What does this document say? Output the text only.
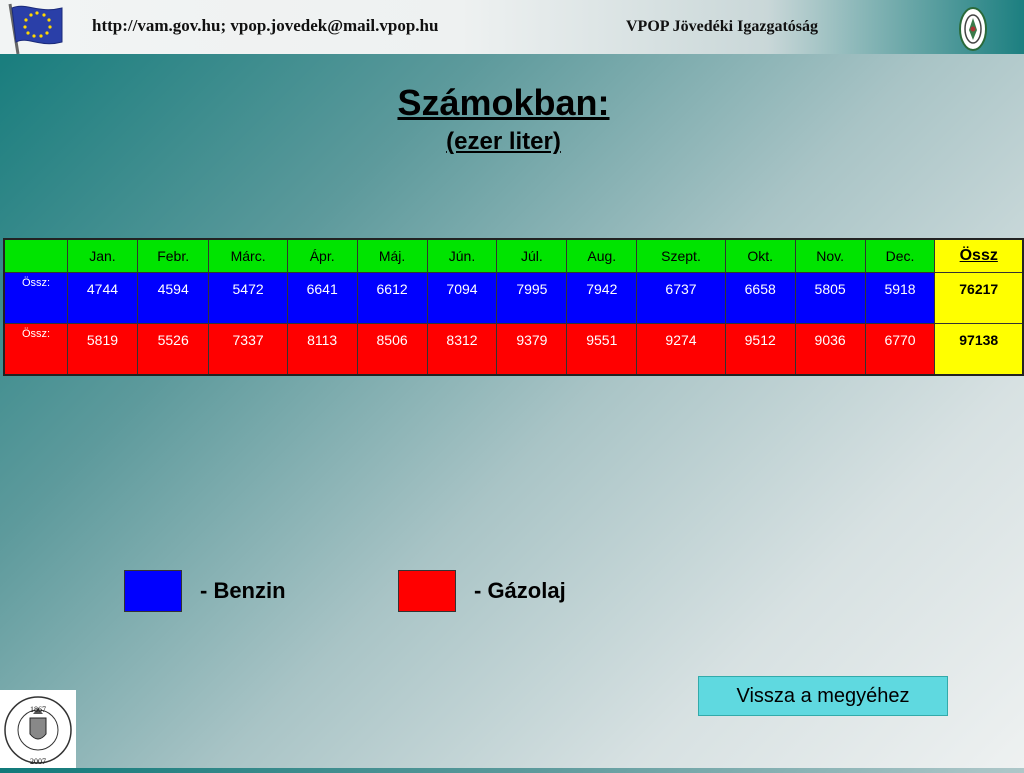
http://vam.gov.hu; vpop.jovedek@mail.vpop.hu	VPOP Jövedéki Igazgatóság
Számokban:
(ezer liter)
	Jan.	Febr.	Márc.	Ápr.	Máj.	Jún.	Júl.	Aug.	Szept.	Okt.	Nov.	Dec.	Össz
Össz:	4744	4594	5472	6641	6612	7094	7995	7942	6737	6658	5805	5918	76217
Össz:	5819	5526	7337	8113	8506	8312	9379	9551	9274	9512	9036	6770	97138
- Benzin	- Gázolaj
Vissza a megyéhez
1867
2007
